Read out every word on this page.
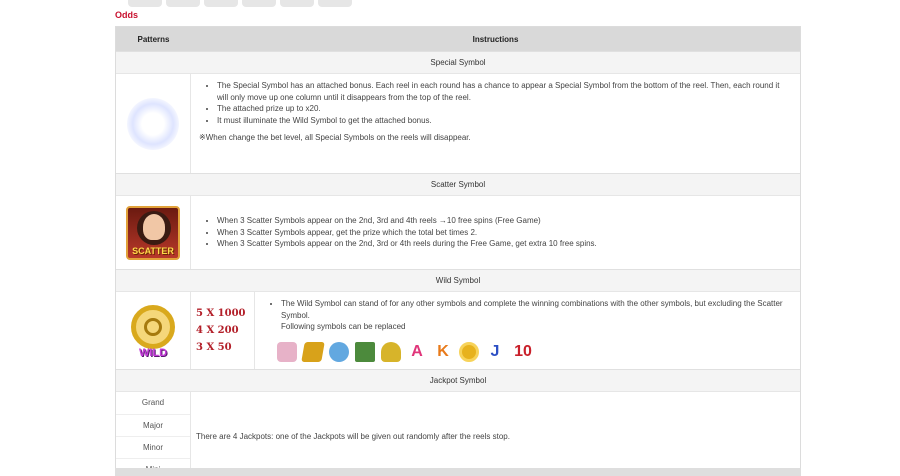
Odds
Patterns	Instructions
Special Symbol
• The Special Symbol has an attached bonus. Each reel in each round has a chance to appear a Special Symbol from the bottom of the reel. Then, each round it will only move up one column until it disappears from the top of the reel.
• The attached prize up to x20.
• It must illuminate the Wild Symbol to get the attached bonus.
※When change the bet level, all Special Symbols on the reels will disappear.
Scatter Symbol
SCATTER
• When 3 Scatter Symbols appear on the 2nd, 3rd and 4th reels →10 free spins (Free Game)
• When 3 Scatter Symbols appear, get the prize which the total bet times 2.
• When 3 Scatter Symbols appear on the 2nd, 3rd or 4th reels during the Free Game, get extra 10 free spins.
Wild Symbol
WILD
5 X 1000
4 X 200
3 X 50
• The Wild Symbol can stand of for any other symbols and complete the winning combinations with the other symbols, but excluding the Scatter Symbol.
Following symbols can be replaced
A K	J 10
Jackpot Symbol
Grand
Major
Minor
There are 4 Jackpots: one of the Jackpots will be given out randomly after the reels stop.
